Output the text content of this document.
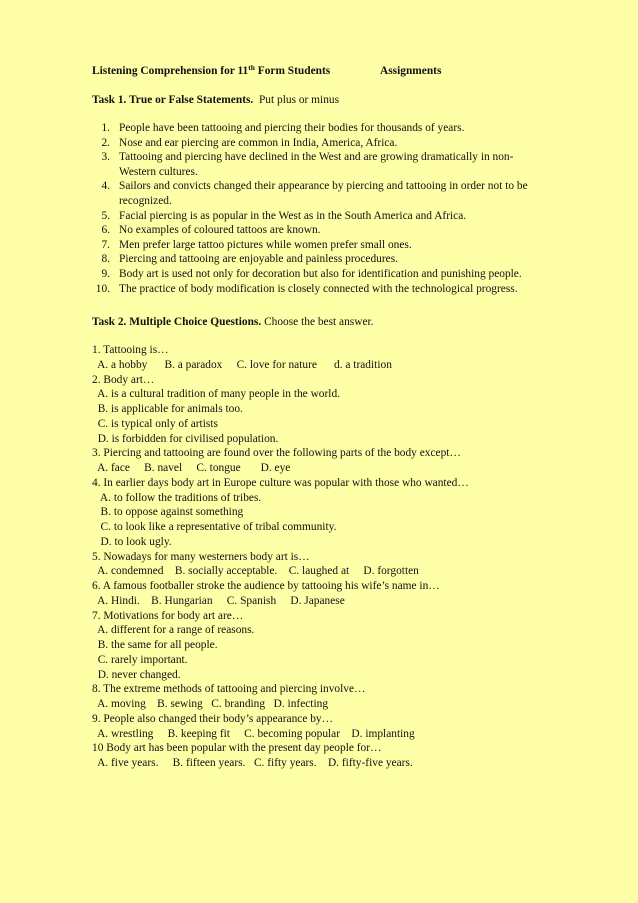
Listening Comprehension for 11th Form Students	Assignments
Task 1. True or False Statements. Put plus or minus
1. People have been tattooing and piercing their bodies for thousands of years.
2. Nose and ear piercing are common in India, America, Africa.
3. Tattooing and piercing have declined in the West and are growing dramatically in non-
Western cultures.
4. Sailors and convicts changed their appearance by piercing and tattooing in order not to be
recognized.
5. Facial piercing is as popular in the West as in the South America and Africa.
6. No examples of coloured tattoos are known.
7. Men prefer large tattoo pictures while women prefer small ones.
8. Piercing and tattooing are enjoyable and painless procedures.
9. Body art is used not only for decoration but also for identification and punishing people.
10. The practice of body modification is closely connected with the technological progress.
Task 2. Multiple Choice Questions. Choose the best answer.
1. Tattooing is…
A. a hobby      B. a paradox     C. love for nature      d. a tradition
2. Body art…
A. is a cultural tradition of many people in the world.
B. is applicable for animals too.
C. is typical only of artists
D. is forbidden for civilised population.
3. Piercing and tattooing are found over the following parts of the body except…
A. face     B. navel     C. tongue       D. eye
4. In earlier days body art in Europe culture was popular with those who wanted…
A. to follow the traditions of tribes.
B. to oppose against something
C. to look like a representative of tribal community.
D. to look ugly.
5. Nowadays for many westerners body art is…
A. condemned    B. socially acceptable.    C. laughed at     D. forgotten
6. A famous footballer stroke the audience by tattooing his wife’s name in…
A. Hindi.    B. Hungarian     C. Spanish     D. Japanese
7. Motivations for body art are…
A. different for a range of reasons.
B. the same for all people.
C. rarely important.
D. never changed.
8. The extreme methods of tattooing and piercing involve…
A. moving    B. sewing   C. branding   D. infecting
9. People also changed their body’s appearance by…
A. wrestling     B. keeping fit     C. becoming popular    D. implanting
10 Body art has been popular with the present day people for…
A. five years.     B. fifteen years.   C. fifty years.    D. fifty-five years.
